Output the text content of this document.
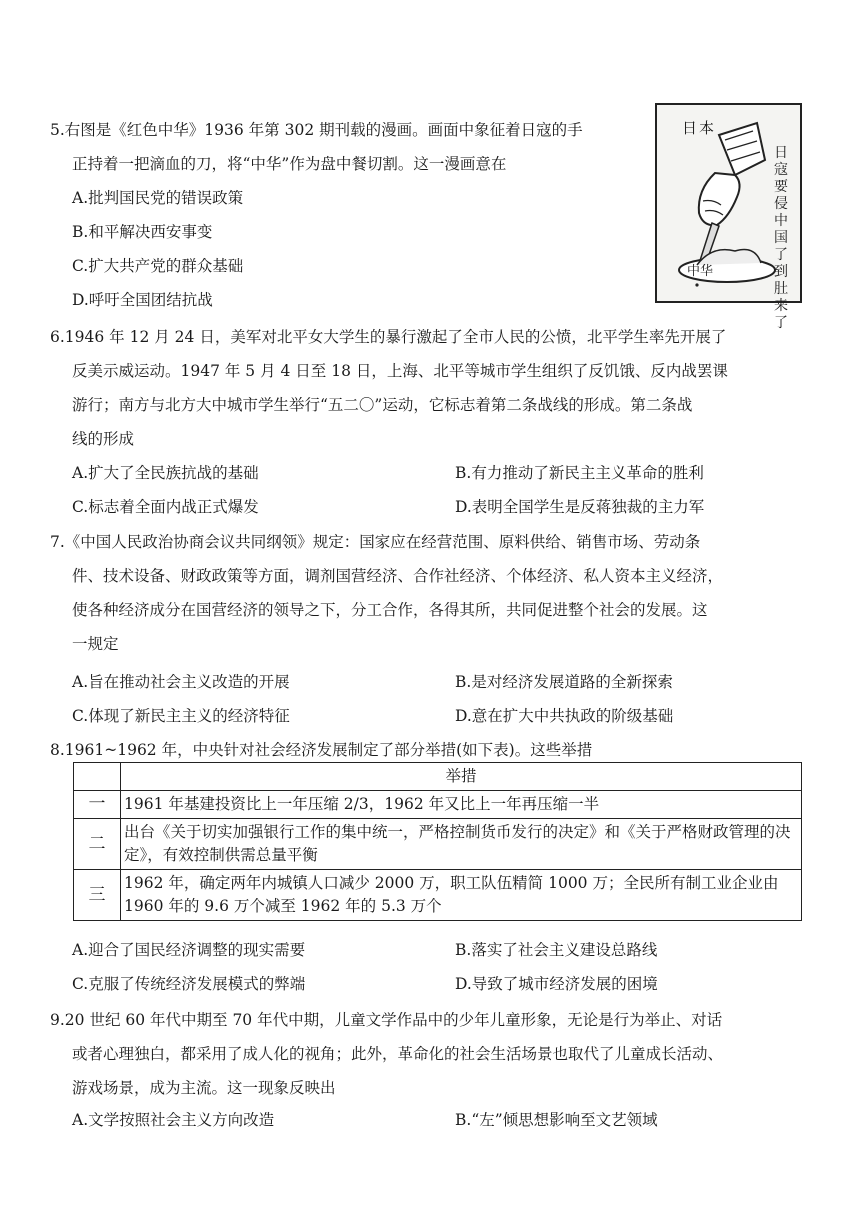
5.右图是《红色中华》1936 年第 302 期刊载的漫画。画面中象征着日寇的手
正持着一把滴血的刀，将“中华”作为盘中餐切割。这一漫画意在
A.批判国民党的错误政策
B.和平解决西安事变
C.扩大共产党的群众基础
D.呼吁全国团结抗战
日本
日寇要侵中国了到肚来了
中华
6.1946 年 12 月 24 日，美军对北平女大学生的暴行激起了全市人民的公愤，北平学生率先开展了
反美示威运动。1947 年 5 月 4 日至 18 日，上海、北平等城市学生组织了反饥饿、反内战罢课
游行；南方与北方大中城市学生举行“五二〇”运动，它标志着第二条战线的形成。第二条战
线的形成
A.扩大了全民族抗战的基础	B.有力推动了新民主主义革命的胜利
C.标志着全面内战正式爆发	D.表明全国学生是反蒋独裁的主力军
7.《中国人民政治协商会议共同纲领》规定：国家应在经营范围、原料供给、销售市场、劳动条
件、技术设备、财政政策等方面，调剂国营经济、合作社经济、个体经济、私人资本主义经济，
使各种经济成分在国营经济的领导之下，分工合作，各得其所，共同促进整个社会的发展。这
一规定
A.旨在推动社会主义改造的开展	B.是对经济发展道路的全新探索
C.体现了新民主主义的经济特征	D.意在扩大中共执政的阶级基础
8.1961~1962 年，中央针对社会经济发展制定了部分举措(如下表)。这些举措
	举措
一	1961 年基建投资比上一年压缩 2/3，1962 年又比上一年再压缩一半
二	出台《关于切实加强银行工作的集中统一，严格控制货币发行的决定》和《关于严格财政管理的决定》，有效控制供需总量平衡
三	1962 年，确定两年内城镇人口减少 2000 万，职工队伍精简 1000 万；全民所有制工业企业由 1960 年的 9.6 万个减至 1962 年的 5.3 万个
A.迎合了国民经济调整的现实需要	B.落实了社会主义建设总路线
C.克服了传统经济发展模式的弊端	D.导致了城市经济发展的困境
9.20 世纪 60 年代中期至 70 年代中期，儿童文学作品中的少年儿童形象，无论是行为举止、对话
或者心理独白，都采用了成人化的视角；此外，革命化的社会生活场景也取代了儿童成长活动、
游戏场景，成为主流。这一现象反映出
A.文学按照社会主义方向改造	B.“左”倾思想影响至文艺领域
